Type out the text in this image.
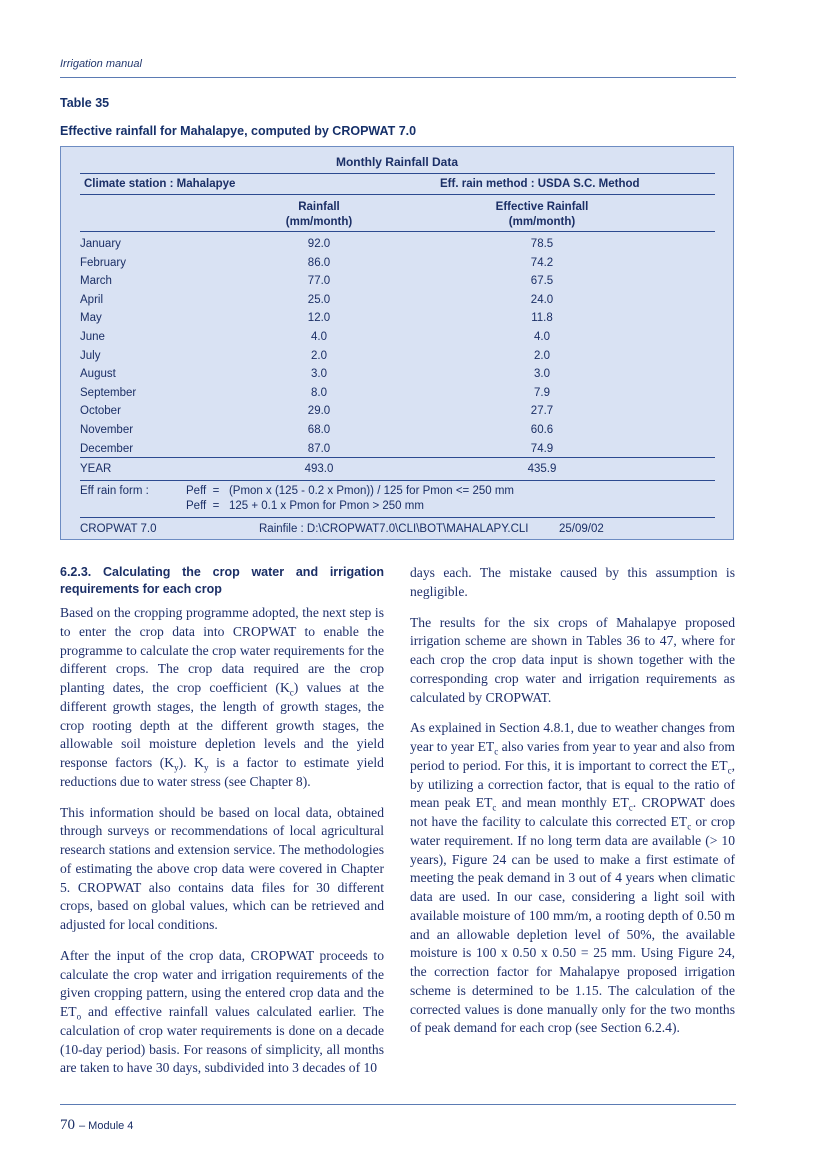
Irrigation manual
Table 35
Effective rainfall for Mahalapye, computed by CROPWAT 7.0
Monthly Rainfall Data
Climate station : Mahalapye	Eff. rain method : USDA S.C. Method
Rainfall
(mm/month)
Effective Rainfall
(mm/month)
January	92.0	78.5
February	86.0	74.2
March	77.0	67.5
April	25.0	24.0
May	12.0	11.8
June	4.0	4.0
July	2.0	2.0
August	3.0	3.0
September	8.0	7.9
October	29.0	27.7
November	68.0	60.6
December	87.0	74.9
YEAR	493.0	435.9
Eff rain form :	Peff  =   (Pmon x (125 - 0.2 x Pmon)) / 125 for Pmon <= 250 mm
Peff  =   125 + 0.1 x Pmon for Pmon > 250 mm
CROPWAT 7.0	Rainfile : D:\CROPWAT7.0\CLI\BOT\MAHALAPY.CLI	25/09/02
6.2.3. Calculating the crop water and irrigation requirements for each crop

Based on the cropping programme adopted, the next step is to enter the crop data into CROPWAT to enable the programme to calculate the crop water requirements for the different crops. The crop data required are the crop planting dates, the crop coefficient $(K_c)$ values at the different growth stages, the length of growth stages, the crop rooting depth at the different growth stages, the allowable soil moisture depletion levels and the yield response factors $(K_y)$. $K_y$ is a factor to estimate yield reductions due to water stress (see Chapter 8).

This information should be based on local data, obtained through surveys or recommendations of local agricultural research stations and extension service. The methodologies of estimating the above crop data were covered in Chapter 5. CROPWAT also contains data files for 30 different crops, based on global values, which can be retrieved and adjusted for local conditions.

After the input of the crop data, CROPWAT proceeds to calculate the crop water and irrigation requirements of the given cropping pattern, using the entered crop data and the $ET_o$ and effective rainfall values calculated earlier. The calculation of crop water requirements is done on a decade (10-day period) basis. For reasons of simplicity, all months are taken to have 30 days, subdivided into 3 decades of 10

days each. The mistake caused by this assumption is negligible.

The results for the six crops of Mahalapye proposed irrigation scheme are shown in Tables 36 to 47, where for each crop the crop data input is shown together with the corresponding crop water and irrigation requirements as calculated by CROPWAT.

As explained in Section 4.8.1, due to weather changes from year to year $ET_c$ also varies from year to year and also from period to period. For this, it is important to correct the $ET_c$, by utilizing a correction factor, that is equal to the ratio of mean peak $ET_c$ and mean monthly $ET_c$. CROPWAT does not have the facility to calculate this corrected $ET_c$ or crop water requirement. If no long term data are available (> 10 years), Figure 24 can be used to make a first estimate of meeting the peak demand in 3 out of 4 years when climatic data are used. In our case, considering a light soil with available moisture of 100 mm/m, a rooting depth of 0.50 m and an allowable depletion level of 50%, the available moisture is 100 x 0.50 x 0.50 = 25 mm. Using Figure 24, the correction factor for Mahalapye proposed irrigation scheme is determined to be 1.15. The calculation of the corrected values is done manually only for the two months of peak demand for each crop (see Section 6.2.4).

70 – Module 4
